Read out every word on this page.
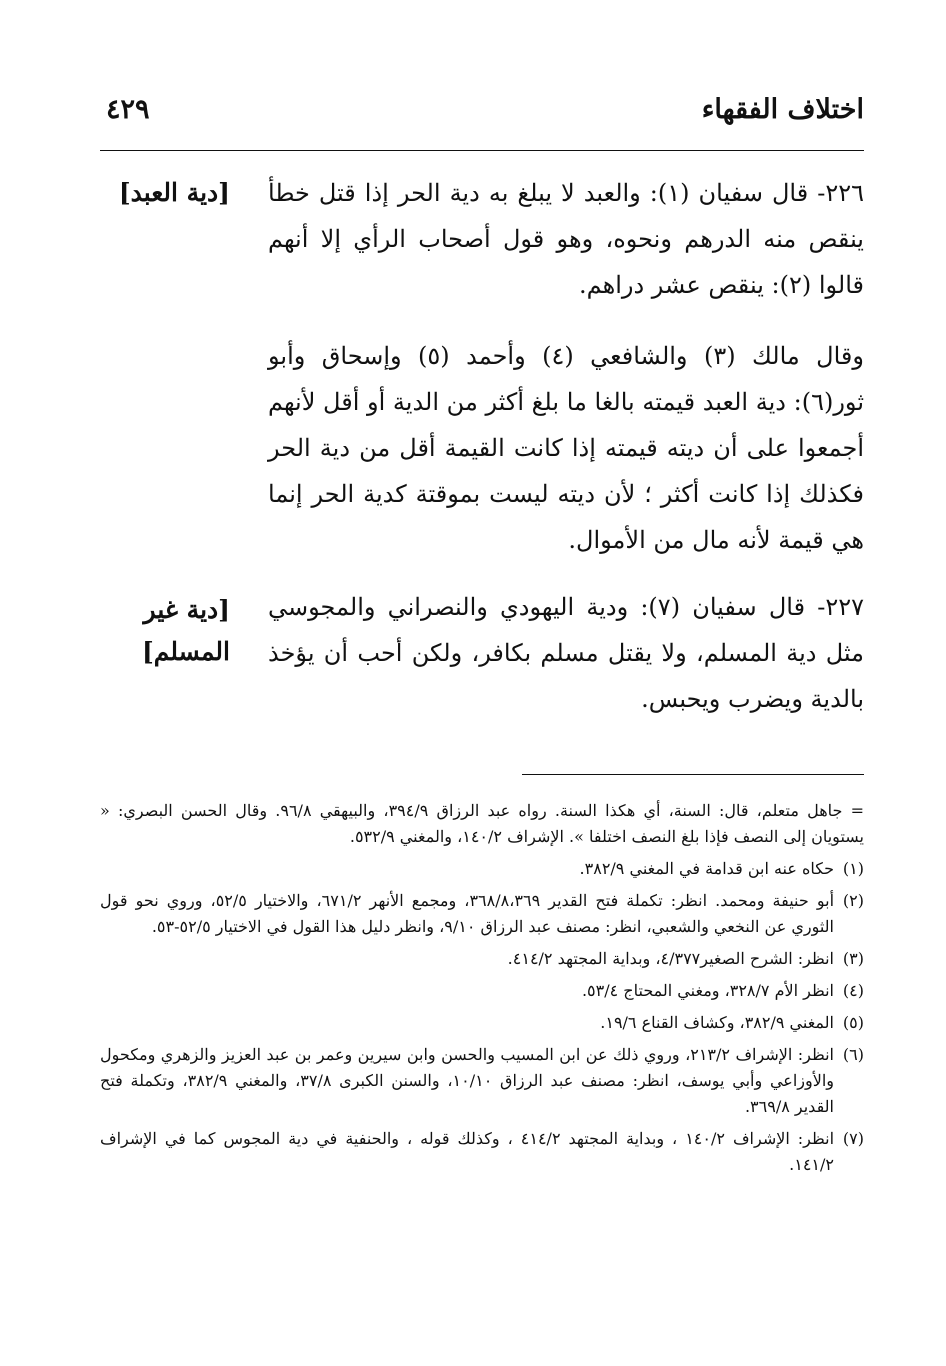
اختلاف الفقهاء
٤٢٩

٢٢٦- قال سفيان (١): والعبد لا يبلغ به دية الحر إذا قتل خطأ ينقص منه الدرهم ونحوه، وهو قول أصحاب الرأي إلا أنهم قالوا (٢): ينقص عشر دراهم.

وقال مالك (٣) والشافعي (٤) وأحمد (٥) وإسحاق وأبو ثور(٦): دية العبد قيمته بالغا ما بلغ أكثر من الدية أو أقل لأنهم أجمعوا على أن ديته قيمته إذا كانت القيمة أقل من دية الحر فكذلك إذا كانت أكثر ؛ لأن ديته ليست بموقتة كدية الحر إنما هي قيمة لأنه مال من الأموال.

٢٢٧- قال سفيان (٧): ودية اليهودي والنصراني والمجوسي مثل دية المسلم، ولا يقتل مسلم بكافر، ولكن أحب أن يؤخذ بالدية ويضرب ويحبس.

[دية العبد]
[دية غير
المسلم]

= جاهل متعلم، قال: السنة، أي هكذا السنة. رواه عبد الرزاق ٣٩٤/٩، والبيهقي ٩٦/٨. وقال الحسن البصري: « يستويان إلى النصف فإذا بلغ النصف اختلفا ». الإشراف ١٤٠/٢، والمغني ٥٣٢/٩.

(١)
حكاه عنه ابن قدامة في المغني ٣٨٢/٩.

(٢)
أبو حنيفة ومحمد. انظر: تكملة فتح القدير ٣٦٨/٨،٣٦٩، ومجمع الأنهر ٦٧١/٢، والاختيار ٥٢/٥، وروي نحو قول الثوري عن النخعي والشعبي، انظر: مصنف عبد الرزاق ٩/١٠، وانظر دليل هذا القول في الاختيار ٥٢/٥-٥٣.

(٣)
انظر: الشرح الصغير٤/٣٧٧، وبداية المجتهد ٤١٤/٢.

(٤)
انظر الأم ٣٢٨/٧، ومغني المحتاج ٥٣/٤.

(٥)
المغني ٣٨٢/٩، وكشاف القناع ١٩/٦.

(٦)
انظر: الإشراف ٢١٣/٢، وروي ذلك عن ابن المسيب والحسن وابن سيرين وعمر بن عبد العزيز والزهري ومكحول والأوزاعي وأبي يوسف، انظر: مصنف عبد الرزاق ١٠/١٠، والسنن الكبرى ٣٧/٨، والمغني ٣٨٢/٩، وتكملة فتح القدير ٣٦٩/٨.

(٧)
انظر: الإشراف ١٤٠/٢ ، وبداية المجتهد ٤١٤/٢ ، وكذلك قوله ، والحنفية في دية المجوس كما في الإشراف ١٤١/٢.
